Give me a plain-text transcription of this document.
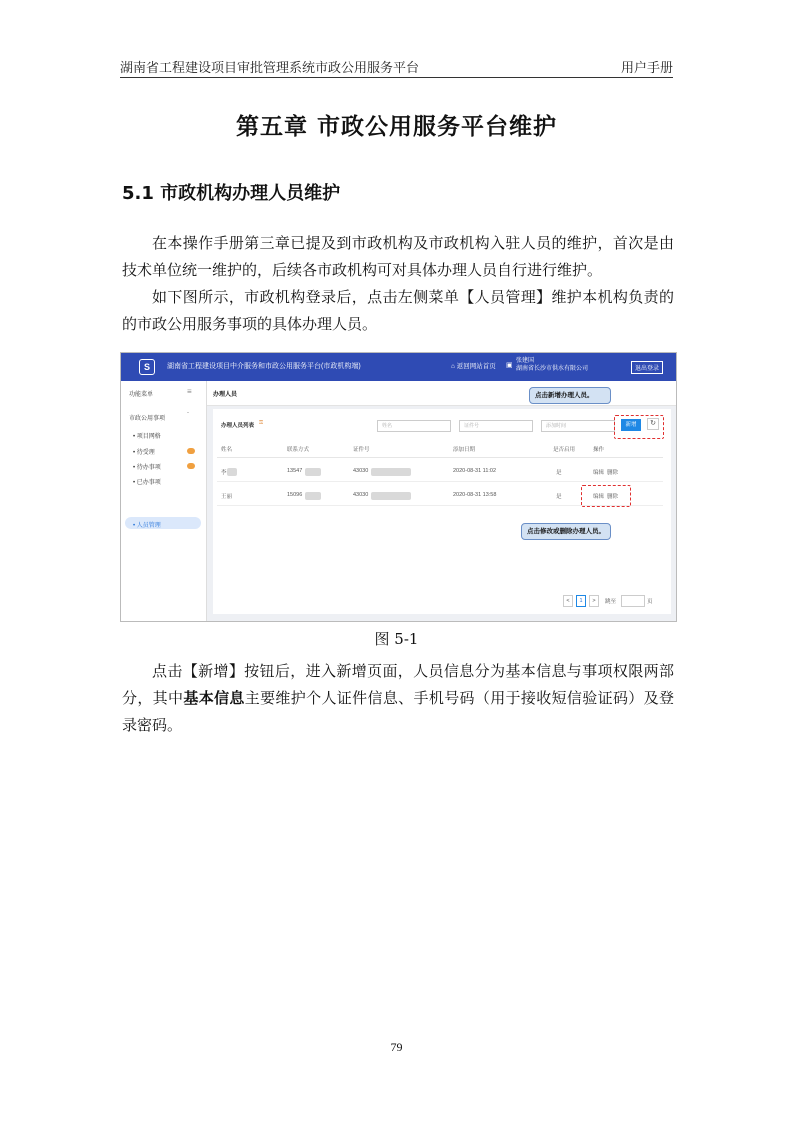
湖南省工程建设项目审批管理系统市政公用服务平台	用户手册
第五章 市政公用服务平台维护
5.1 市政机构办理人员维护
在本操作手册第三章已提及到市政机构及市政机构入驻人员的维护，首次是由技术单位统一维护的，后续各市政机构可对具体办理人员自行进行维护。
如下图所示，市政机构登录后，点击左侧菜单【人员管理】维护本机构负责的的市政公用服务事项的具体办理人员。
S	湖南省工程建设项目中介服务和市政公用服务平台(市政机构端)	⌂ 返回网站首页 ▣
张建国
湖南省长沙市供水有限公司	退出登录
功能菜单	≡
市政公用事项	ˆ
• 项目网格
• 待受理
• 待办事项
• 已办事项
• 人员管理
办理人员
办理人员列表 ⚿	姓名	证件号	添加时间	新增	↻
姓名	联系方式	证件号	添加日期	是否启用	操作
李	13547	43030	2020-08-31 11:02	是	编辑 删除
王丽	15096	43030	2020-08-31 13:58	是	编辑 删除
<	1	>	跳至	页
点击新增办理人员。
点击修改或删除办理人员。
图 5-1
点击【新增】按钮后，进入新增页面，人员信息分为基本信息与事项权限两部分，其中基本信息主要维护个人证件信息、手机号码（用于接收短信验证码）及登录密码。
79
